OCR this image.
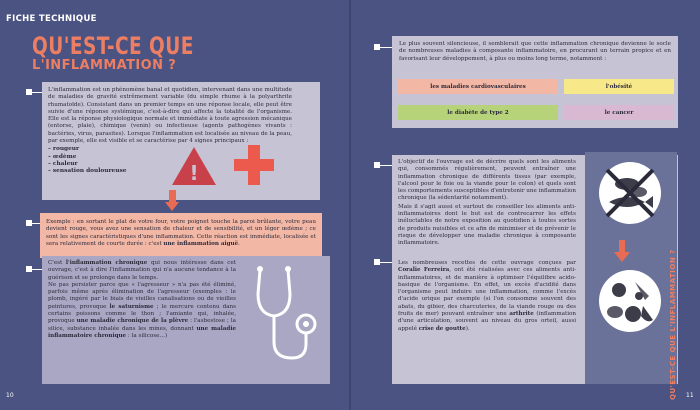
FICHE TECHNIQUE
QU'EST-CE QUE
L'INFLAMMATION ?

L'inflammation est un phénomène banal et quotidien, intervenant dans une multitude de maladies de gravité extrêmement variable (du simple rhume à la polyarthrite rhumatoïde). Consistant dans un premier temps en une réponse locale, elle peut être suivie d'une réponse systémique, c'est-à-dire qui affecte la totalité de l'organisme. Elle est la réponse physiologique normale et immédiate à toute agression mécanique (entorse, plaie), chimique (venin) ou infectieuse (agents pathogènes vivants : bactéries, virus, parasites). Lorsque l'inflammation est localisée au niveau de la peau, par exemple, elle est visible et se caractérise par 4 signes principaux :

– rougeur
– œdème
– chaleur
– sensation douloureuse	!

Exemple : en sortant le plat de votre four, votre poignet touche la paroi brûlante, votre peau devient rouge, vous avez une sensation de chaleur et de sensibilité, et un léger œdème ; ce sont les signes caractéristiques d'une inflammation. Cette réaction est immédiate, localisée et sera relativement de courte durée : c'est une inflammation aiguë.

C'est l'inflammation chronique qui nous intéresse dans cet ouvrage, c'est à dire l'inflammation qui n'a aucune tendance à la guérison et se prolonge dans le temps.

Ne pas persister parce que « l'agresseur » n'a pas été éliminé, parfois même après élimination de l'agresseur (exemples : le plomb, ingéré par le biais de vieilles canalisations ou de vieilles peintures, provoque le saturnisme ; le mercure contenu dans certains poissons comme le thon ; l'amiante qui, inhalée, provoque une maladie chronique de la plèvre : l'asbestose ; la silice, substance inhalée dans les mines, donnant une maladie inflammatoire chronique : la silicose…)

10

Le plus souvent silencieuse, il semblerait que cette inflammation chronique devienne le socle de nombreuses maladies à composante inflammatoire, en procurant un terrain propice et en favorisant leur développement, à plus ou moins long terme, notamment :

les maladies cardiovasculaires	l'obésité
le diabète de type 2	le cancer

L'objectif de l'ouvrage est de décrire quels sont les aliments qui, consommés régulièrement, peuvent entraîner une inflammation chronique de différents tissus (par exemple, l'alcool pour le foie ou la viande pour le colon) et quels sont les comportements susceptibles d'entretenir une inflammation chronique (la sédentarité notamment).

Mais il s'agit aussi et surtout de conseiller les aliments anti-inflammatoires dont le but est de contrecarrer les effets inéluctables de notre exposition au quotidien à toutes sortes de produits nuisibles et ce afin de minimiser et de prévenir le risque de développer une maladie chronique à composante inflammatoire.

Les nombreuses recettes de cette ouvrage conçues par Coralie Ferreira, ont été réalisées avec ces aliments anti-inflammatoires, et de manière à optimiser l'équilibre acido-basique de l'organisme. En effet, un excès d'acidité dans l'organisme peut induire une inflammation, comme l'excès d'acide urique par exemple (si l'on consomme souvent des abats, du gibier, des charcuteries, de la viande rouge ou des fruits de mer) pouvant entraîner une arthrite (inflammation d'une articulation, souvent au niveau du gros orteil, aussi appelé crise de goutte).	QU'EST-CE QUE L'INFLAMMATION ? 11
